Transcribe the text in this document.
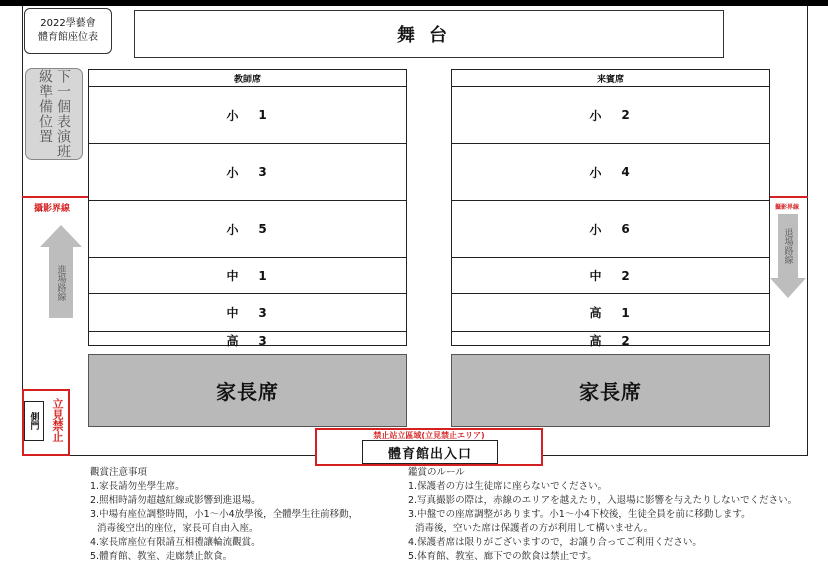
2022學藝會
體育館座位表	舞台
下一個表演班級準備位置	教師席
小	1
小	3
小	5
中	1
中	3
高	3
来賓席
小	2
小	4
小	6
中	2
高	1
高	2
家長席	家長席
攝影界線	攝影界線
進場路線
退場路線
立見禁止
側門
禁止站立區域(立見禁止エリア)
體育館出入口
觀賞注意事項
1.家長請勿坐學生席。
2.照相時請勿超越紅線或影響到進退場。
3.中場有座位調整時間，小1～小4放學後，全體學生往前移動，
消毒後空出的座位，家長可自由入座。
4.家長席座位有限請互相禮讓輪流觀賞。
5.體育館、教室、走廊禁止飲食。
鑑賞のルール
1.保護者の方は生徒席に座らないでください。
2.写真撮影の際は，赤線のエリアを越えたり，入退場に影響を与えたりしないでください。
3.中盤での座席調整があります。小1～小4下校後，生徒全員を前に移動します。
消毒後，空いた席は保護者の方が利用して構いません。
4.保護者席は限りがございますので，お譲り合ってご利用ください。
5.体育館、教室、廊下での飲食は禁止です。
